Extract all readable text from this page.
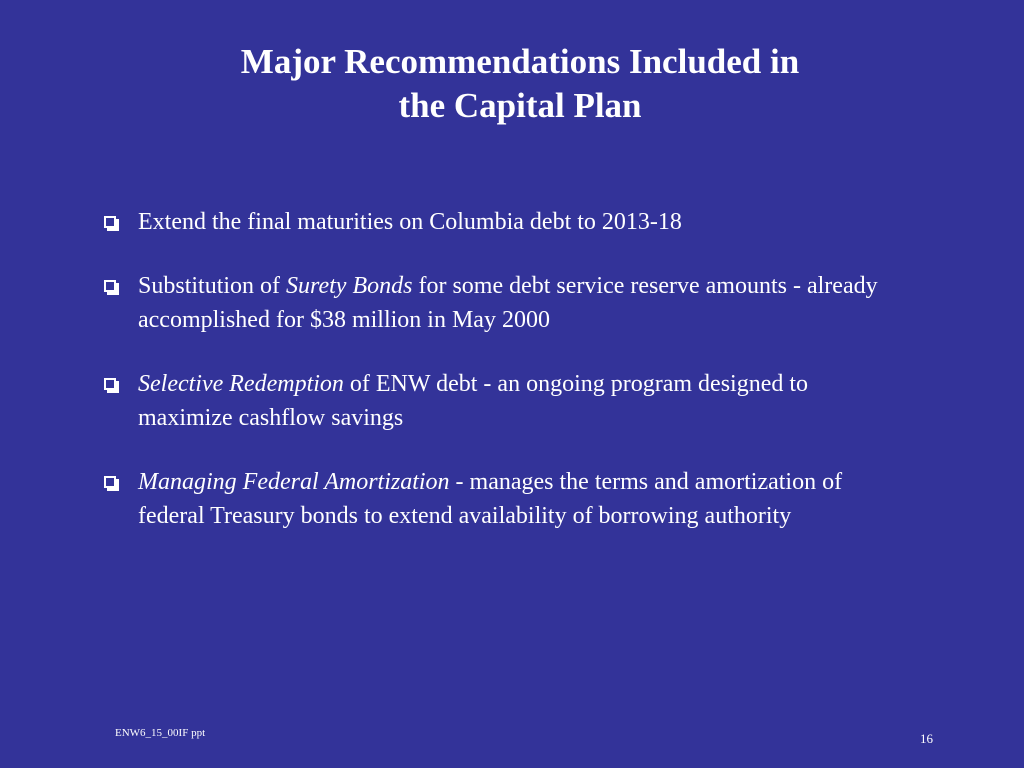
Major Recommendations Included in
the Capital Plan
Extend the final maturities on Columbia debt to 2013-18
Substitution of Surety Bonds for some debt service reserve amounts - already accomplished for $38 million in May 2000
Selective Redemption of ENW debt - an ongoing program designed to maximize cashflow savings
Managing Federal Amortization - manages the terms and amortization of federal Treasury bonds to extend availability of borrowing authority
ENW6_15_00IF ppt	16
